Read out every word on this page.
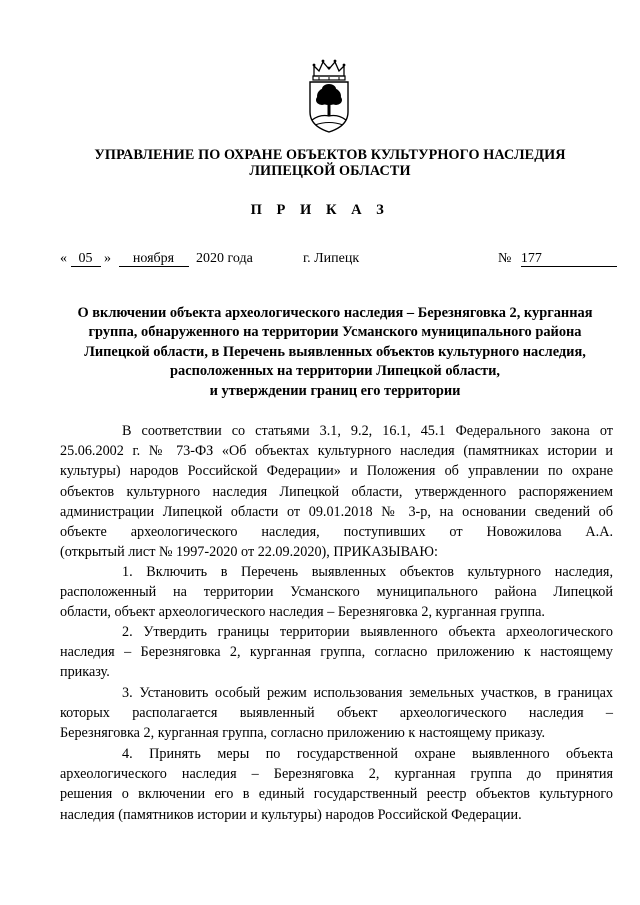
УПРАВЛЕНИЕ ПО ОХРАНЕ ОБЪЕКТОВ КУЛЬТУРНОГО НАСЛЕДИЯ
ЛИПЕЦКОЙ ОБЛАСТИ
П Р И К А З
« 05 » ноября 2020 года	г. Липецк	№ 177
О включении объекта археологического наследия – Березняговка 2, курганная
группа, обнаруженного на территории Усманского муниципального района
Липецкой области, в Перечень выявленных объектов культурного наследия,
расположенных на территории Липецкой области,
и утверждении границ его территории
В соответствии со статьями 3.1, 9.2, 16.1, 45.1 Федерального закона от
25.06.2002 г. № 73-ФЗ «Об объектах культурного наследия (памятниках истории и
культуры) народов Российской Федерации» и Положения об управлении по охране
объектов культурного наследия Липецкой области, утвержденного распоряжением
администрации Липецкой области от 09.01.2018 № 3-р, на основании сведений об
объекте археологического наследия, поступивших от Новожилова А.А.
(открытый лист № 1997-2020 от 22.09.2020), ПРИКАЗЫВАЮ:
1. Включить в Перечень выявленных объектов культурного наследия,
расположенный на территории Усманского муниципального района Липецкой
области, объект археологического наследия – Березняговка 2, курганная группа.
2. Утвердить границы территории выявленного объекта археологического
наследия – Березняговка 2, курганная группа, согласно приложению к настоящему
приказу.
3. Установить особый режим использования земельных участков, в границах
которых располагается выявленный объект археологического наследия –
Березняговка 2, курганная группа, согласно приложению к настоящему приказу.
4. Принять меры по государственной охране выявленного объекта
археологического наследия – Березняговка 2, курганная группа до принятия
решения о включении его в единый государственный реестр объектов культурного
наследия (памятников истории и культуры) народов Российской Федерации.
